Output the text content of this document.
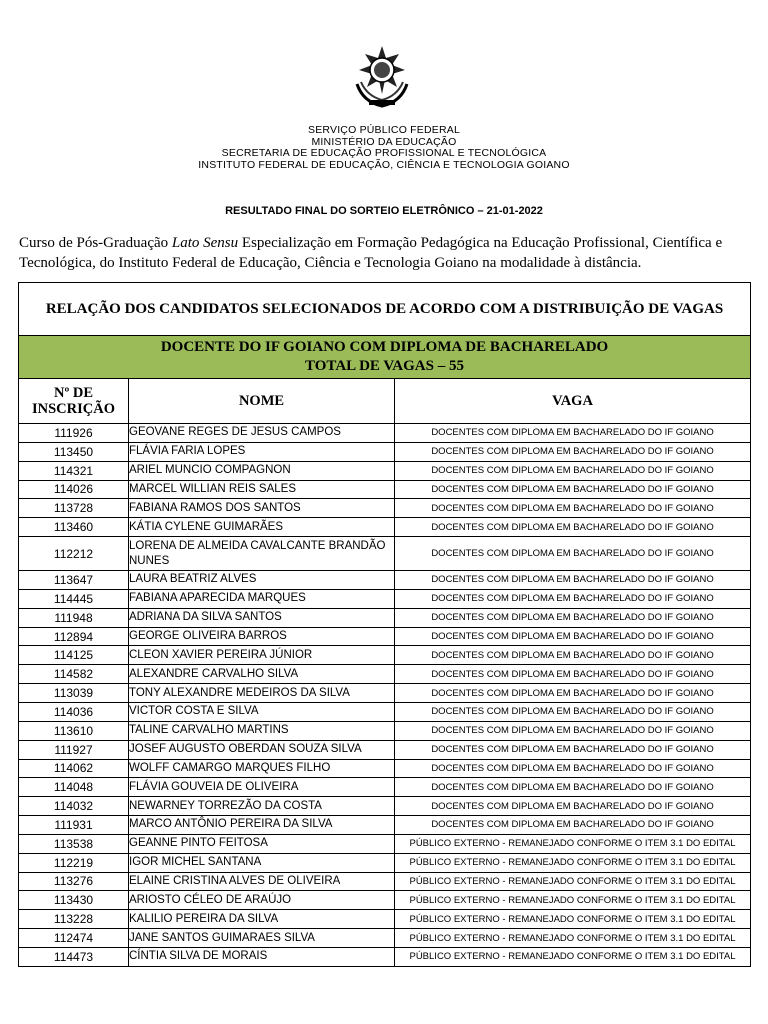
SERVIÇO PÚBLICO FEDERAL
MINISTÉRIO DA EDUCAÇÃO
SECRETARIA DE EDUCAÇÃO PROFISSIONAL E TECNOLÓGICA
INSTITUTO FEDERAL DE EDUCAÇÃO, CIÊNCIA E TECNOLOGIA GOIANO
RESULTADO FINAL DO SORTEIO ELETRÔNICO – 21-01-2022
Curso de Pós-Graduação Lato Sensu Especialização em Formação Pedagógica na Educação Profissional, Científica e
Tecnológica, do Instituto Federal de Educação, Ciência e Tecnologia Goiano na modalidade à distância.
RELAÇÃO DOS CANDIDATOS SELECIONADOS DE ACORDO COM A DISTRIBUIÇÃO DE VAGAS		

DOCENTE DO IF GOIANO COM DIPLOMA DE BACHARELADO
TOTAL DE VAGAS – 55		

Nº DE
INSCRIÇÃO	NOME	VAGA
111926	GEOVANE REGES DE JESUS CAMPOS	DOCENTES COM DIPLOMA EM BACHARELADO DO IF GOIANO
113450	FLÁVIA FARIA LOPES	DOCENTES COM DIPLOMA EM BACHARELADO DO IF GOIANO
114321	ARIEL MUNCIO COMPAGNON	DOCENTES COM DIPLOMA EM BACHARELADO DO IF GOIANO
114026	MARCEL WILLIAN REIS SALES	DOCENTES COM DIPLOMA EM BACHARELADO DO IF GOIANO
113728	FABIANA RAMOS DOS SANTOS	DOCENTES COM DIPLOMA EM BACHARELADO DO IF GOIANO
113460	KÁTIA CYLENE GUIMARÃES	DOCENTES COM DIPLOMA EM BACHARELADO DO IF GOIANO
112212	LORENA DE ALMEIDA CAVALCANTE BRANDÃO NUNES	DOCENTES COM DIPLOMA EM BACHARELADO DO IF GOIANO
113647	LAURA BEATRIZ ALVES	DOCENTES COM DIPLOMA EM BACHARELADO DO IF GOIANO
114445	FABIANA APARECIDA MARQUES	DOCENTES COM DIPLOMA EM BACHARELADO DO IF GOIANO
111948	ADRIANA DA SILVA SANTOS	DOCENTES COM DIPLOMA EM BACHARELADO DO IF GOIANO
112894	GEORGE OLIVEIRA BARROS	DOCENTES COM DIPLOMA EM BACHARELADO DO IF GOIANO
114125	CLEON XAVIER PEREIRA JÚNIOR	DOCENTES COM DIPLOMA EM BACHARELADO DO IF GOIANO
114582	ALEXANDRE CARVALHO SILVA	DOCENTES COM DIPLOMA EM BACHARELADO DO IF GOIANO
113039	TONY ALEXANDRE MEDEIROS DA SILVA	DOCENTES COM DIPLOMA EM BACHARELADO DO IF GOIANO
114036	VICTOR COSTA E SILVA	DOCENTES COM DIPLOMA EM BACHARELADO DO IF GOIANO
113610	TALINE CARVALHO MARTINS	DOCENTES COM DIPLOMA EM BACHARELADO DO IF GOIANO
111927	JOSEF AUGUSTO OBERDAN SOUZA SILVA	DOCENTES COM DIPLOMA EM BACHARELADO DO IF GOIANO
114062	WOLFF CAMARGO MARQUES FILHO	DOCENTES COM DIPLOMA EM BACHARELADO DO IF GOIANO
114048	FLÁVIA GOUVEIA DE OLIVEIRA	DOCENTES COM DIPLOMA EM BACHARELADO DO IF GOIANO
114032	NEWARNEY TORREZÃO DA COSTA	DOCENTES COM DIPLOMA EM BACHARELADO DO IF GOIANO
111931	MARCO ANTÔNIO PEREIRA DA SILVA	DOCENTES COM DIPLOMA EM BACHARELADO DO IF GOIANO
113538	GEANNE PINTO FEITOSA	PÚBLICO EXTERNO - REMANEJADO CONFORME O ITEM 3.1 DO EDITAL
112219	IGOR MICHEL SANTANA	PÚBLICO EXTERNO - REMANEJADO CONFORME O ITEM 3.1 DO EDITAL
113276	ELAINE CRISTINA ALVES DE OLIVEIRA	PÚBLICO EXTERNO - REMANEJADO CONFORME O ITEM 3.1 DO EDITAL
113430	ARIOSTO CÉLEO DE ARAÚJO	PÚBLICO EXTERNO - REMANEJADO CONFORME O ITEM 3.1 DO EDITAL
113228	KALILIO PEREIRA DA SILVA	PÚBLICO EXTERNO - REMANEJADO CONFORME O ITEM 3.1 DO EDITAL
112474	JANE SANTOS GUIMARAES SILVA	PÚBLICO EXTERNO - REMANEJADO CONFORME O ITEM 3.1 DO EDITAL
114473	CÍNTIA SILVA DE MORAIS	PÚBLICO EXTERNO - REMANEJADO CONFORME O ITEM 3.1 DO EDITAL
